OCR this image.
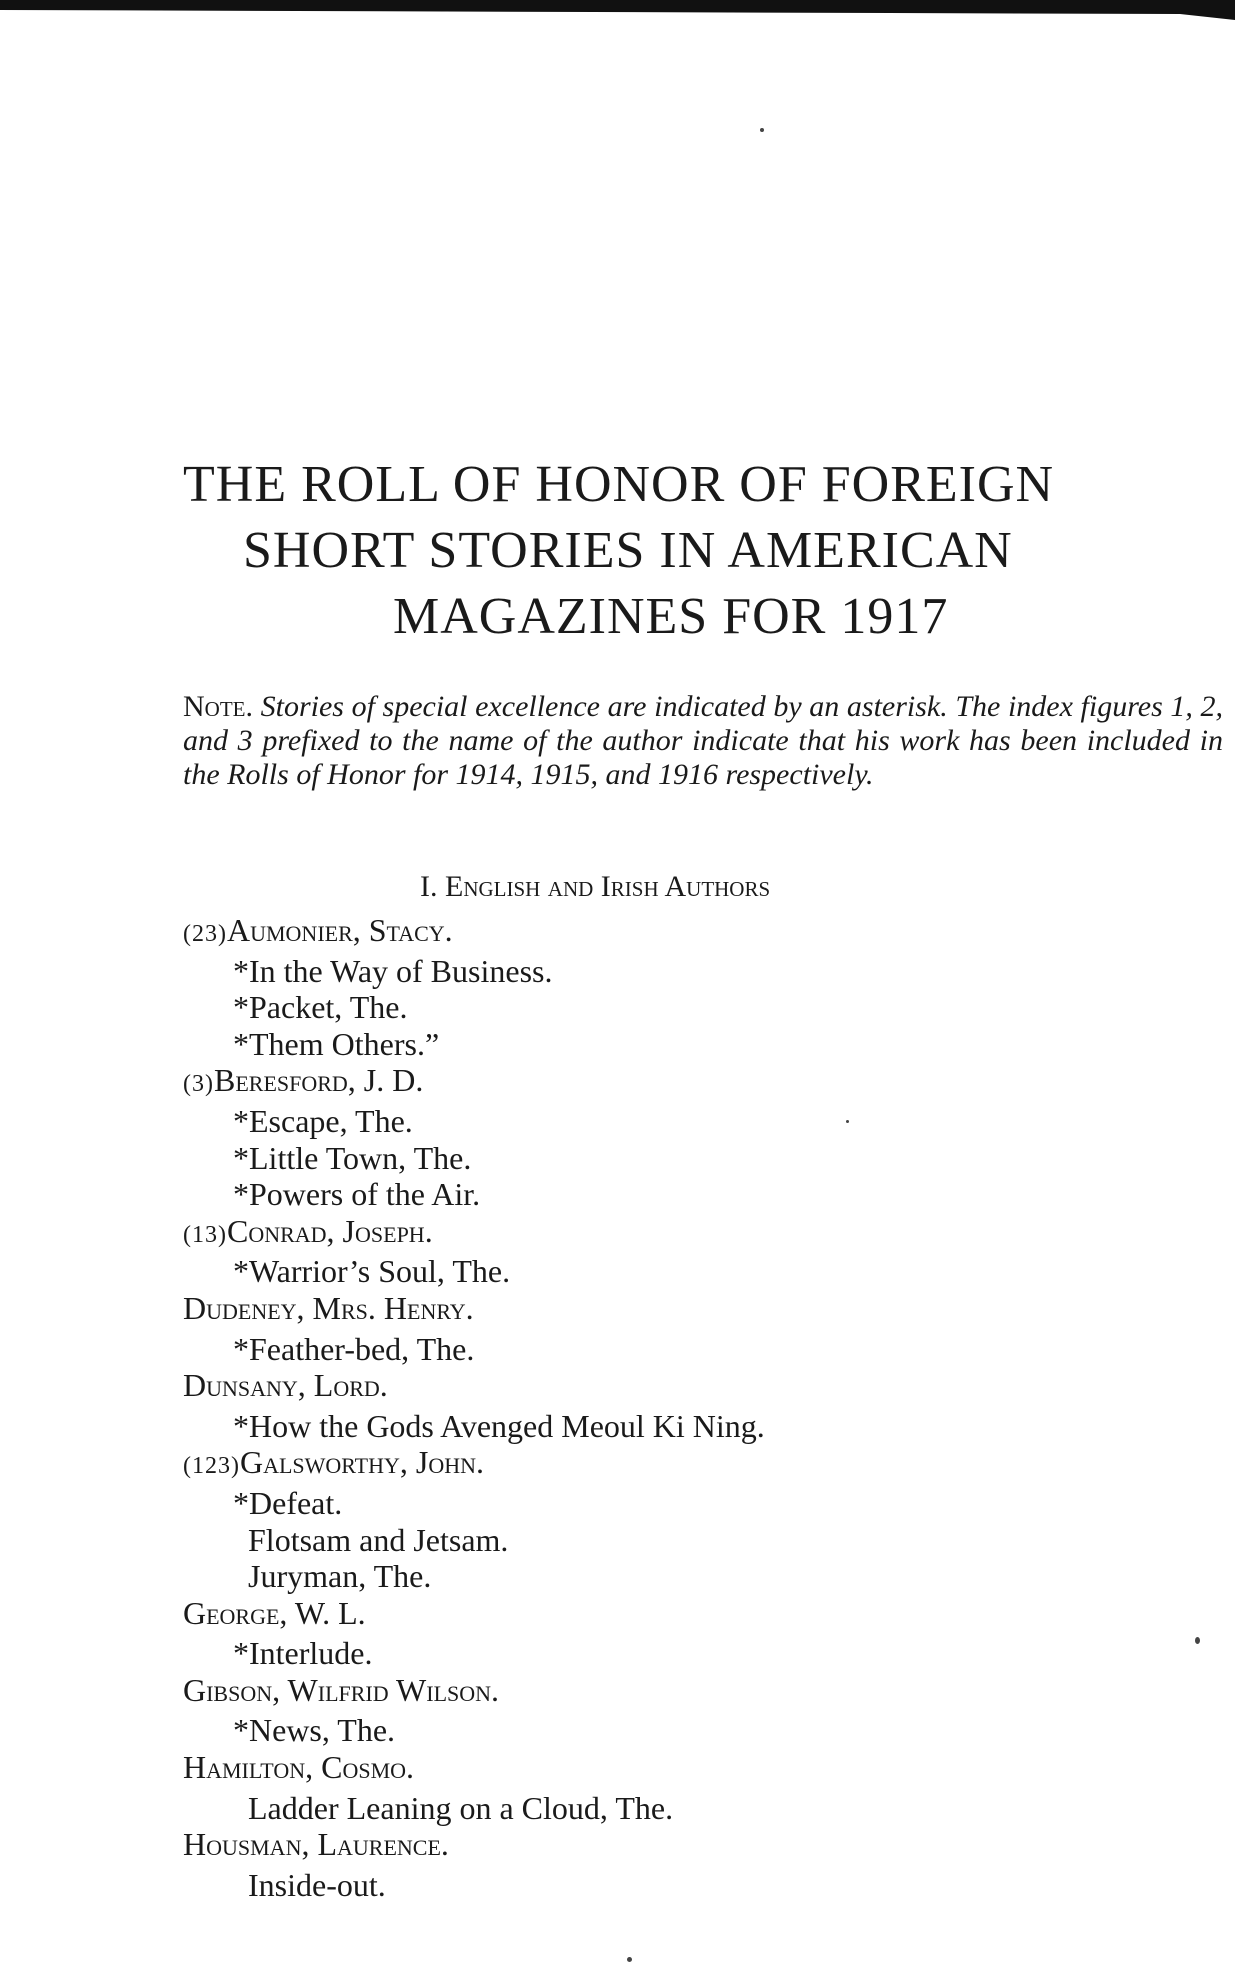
THE ROLL OF HONOR OF FOREIGN
SHORT STORIES IN AMERICAN
MAGAZINES FOR 1917
Note. Stories of special excellence are indicated by an asterisk. The index figures 1, 2, and 3 prefixed to the name of the author indicate that his work has been included in the Rolls of Honor for 1914, 1915, and 1916 respectively.
I. English and Irish Authors
(23)Aumonier, Stacy.
*In the Way of Business.
*Packet, The.
*Them Others.”
(3)Beresford, J. D.
*Escape, The.
*Little Town, The.
*Powers of the Air.
(13)Conrad, Joseph.
*Warrior’s Soul, The.
Dudeney, Mrs. Henry.
*Feather-bed, The.
Dunsany, Lord.
*How the Gods Avenged Meoul Ki Ning.
(123)Galsworthy, John.
*Defeat.
Flotsam and Jetsam.
Juryman, The.
George, W. L.
*Interlude.
Gibson, Wilfrid Wilson.
*News, The.
Hamilton, Cosmo.
Ladder Leaning on a Cloud, The.
Housman, Laurence.
Inside-out.
